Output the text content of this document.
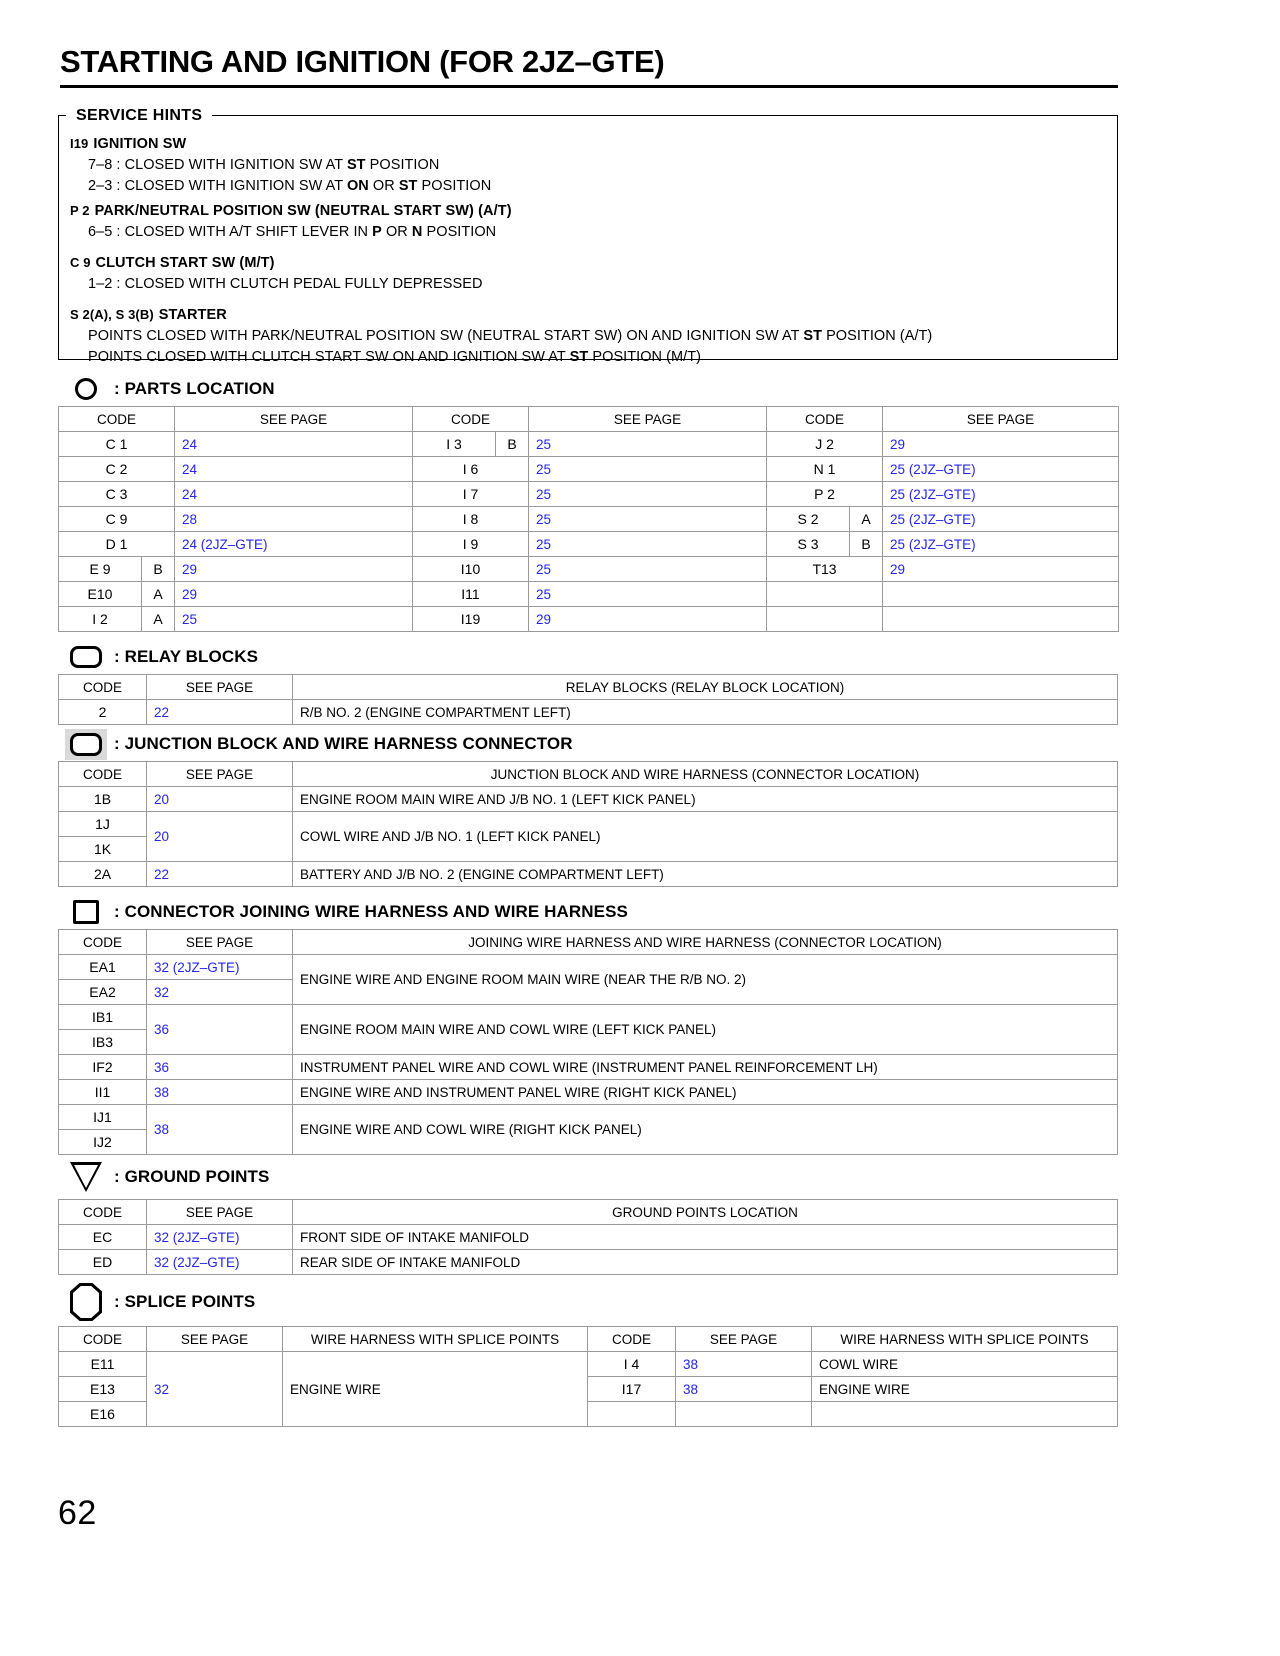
STARTING AND IGNITION (FOR 2JZ–GTE)
SERVICE HINTS
I19 IGNITION SW
7–8 : CLOSED WITH IGNITION SW AT ST POSITION
2–3 : CLOSED WITH IGNITION SW AT ON OR ST POSITION
P 2 PARK/NEUTRAL POSITION SW (NEUTRAL START SW) (A/T)
6–5 : CLOSED WITH A/T SHIFT LEVER IN P OR N POSITION
C 9 CLUTCH START SW (M/T)
1–2 : CLOSED WITH CLUTCH PEDAL FULLY DEPRESSED
S 2(A), S 3(B) STARTER
POINTS CLOSED WITH PARK/NEUTRAL POSITION SW (NEUTRAL START SW) ON AND IGNITION SW AT ST POSITION (A/T)
POINTS CLOSED WITH CLUTCH START SW ON AND IGNITION SW AT ST POSITION (M/T)
: PARTS LOCATION
CODE		SEE PAGE	CODE		SEE PAGE	CODE		SEE PAGE
C 1		24	I 3	B	25	J 2		29
C 2		24	I 6		25	N 1		25 (2JZ–GTE)
C 3		24	I 7		25	P 2		25 (2JZ–GTE)
C 9		28	I 8		25	S 2	A	25 (2JZ–GTE)
D 1		24 (2JZ–GTE)	I 9		25	S 3	B	25 (2JZ–GTE)
E 9	B	29	I10		25	T13		29
E10	A	29	I11		25			
I 2	A	25	I19		29			
: RELAY BLOCKS
CODE	SEE PAGE	RELAY BLOCKS (RELAY BLOCK LOCATION)
2	22	R/B NO. 2 (ENGINE COMPARTMENT LEFT)
: JUNCTION BLOCK AND WIRE HARNESS CONNECTOR
CODE	SEE PAGE	JUNCTION BLOCK AND WIRE HARNESS (CONNECTOR LOCATION)
1B	20	ENGINE ROOM MAIN WIRE AND J/B NO. 1 (LEFT KICK PANEL)
1J	20	COWL WIRE AND J/B NO. 1 (LEFT KICK PANEL)
1K		
2A	22	BATTERY AND J/B NO. 2 (ENGINE COMPARTMENT LEFT)
: CONNECTOR JOINING WIRE HARNESS AND WIRE HARNESS
CODE	SEE PAGE	JOINING WIRE HARNESS AND WIRE HARNESS (CONNECTOR LOCATION)
EA1	32 (2JZ–GTE)	ENGINE WIRE AND ENGINE ROOM MAIN WIRE (NEAR THE R/B NO. 2)
EA2	32	
IB1	36	ENGINE ROOM MAIN WIRE AND COWL WIRE (LEFT KICK PANEL)
IB3		
IF2	36	INSTRUMENT PANEL WIRE AND COWL WIRE (INSTRUMENT PANEL REINFORCEMENT LH)
II1	38	ENGINE WIRE AND INSTRUMENT PANEL WIRE (RIGHT KICK PANEL)
IJ1	38	ENGINE WIRE AND COWL WIRE (RIGHT KICK PANEL)
IJ2		
: GROUND POINTS
CODE	SEE PAGE	GROUND POINTS LOCATION
EC	32 (2JZ–GTE)	FRONT SIDE OF INTAKE MANIFOLD
ED	32 (2JZ–GTE)	REAR SIDE OF INTAKE MANIFOLD
: SPLICE POINTS
CODE	SEE PAGE	WIRE HARNESS WITH SPLICE POINTS	CODE	SEE PAGE	WIRE HARNESS WITH SPLICE POINTS
E11	32	ENGINE WIRE	I 4	38	COWL WIRE
E13			I17	38	ENGINE WIRE
E16					
62
